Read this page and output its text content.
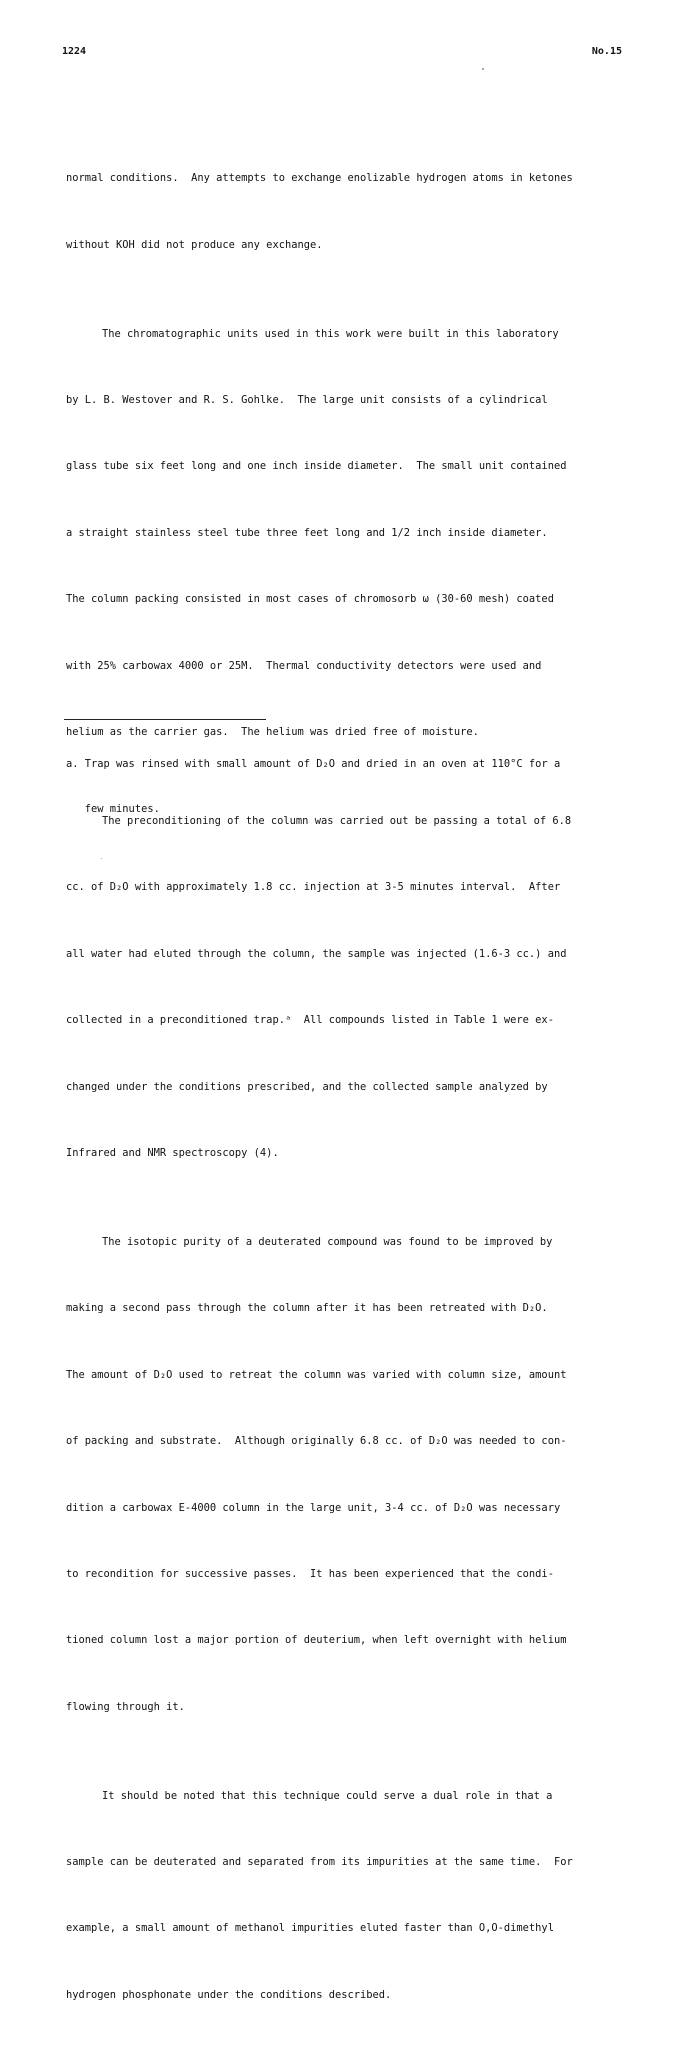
1224	No.15

normal conditions.  Any attempts to exchange enolizable hydrogen atoms in ketones

without KOH did not produce any exchange.

The chromatographic units used in this work were built in this laboratory

by L. B. Westover and R. S. Gohlke.  The large unit consists of a cylindrical

glass tube six feet long and one inch inside diameter.  The small unit contained

a straight stainless steel tube three feet long and 1/2 inch inside diameter.

The column packing consisted in most cases of chromosorb ω (30-60 mesh) coated

with 25% carbowax 4000 or 25M.  Thermal conductivity detectors were used and

helium as the carrier gas.  The helium was dried free of moisture.

The preconditioning of the column was carried out be passing a total of 6.8

cc. of D₂O with approximately 1.8 cc. injection at 3-5 minutes interval.  After

all water had eluted through the column, the sample was injected (1.6-3 cc.) and

collected in a preconditioned trap.ᵃ  All compounds listed in Table 1 were ex-

changed under the conditions prescribed, and the collected sample analyzed by

Infrared and NMR spectroscopy (4).

The isotopic purity of a deuterated compound was found to be improved by

making a second pass through the column after it has been retreated with D₂O.

The amount of D₂O used to retreat the column was varied with column size, amount

of packing and substrate.  Although originally 6.8 cc. of D₂O was needed to con-

dition a carbowax E-4000 column in the large unit, 3-4 cc. of D₂O was necessary

to recondition for successive passes.  It has been experienced that the condi-

tioned column lost a major portion of deuterium, when left overnight with helium

flowing through it.

It should be noted that this technique could serve a dual role in that a

sample can be deuterated and separated from its impurities at the same time.  For

example, a small amount of methanol impurities eluted faster than O,O-dimethyl

hydrogen phosphonate under the conditions described.

a. Trap was rinsed with small amount of D₂O and dried in an oven at 110°C for a

few minutes.
